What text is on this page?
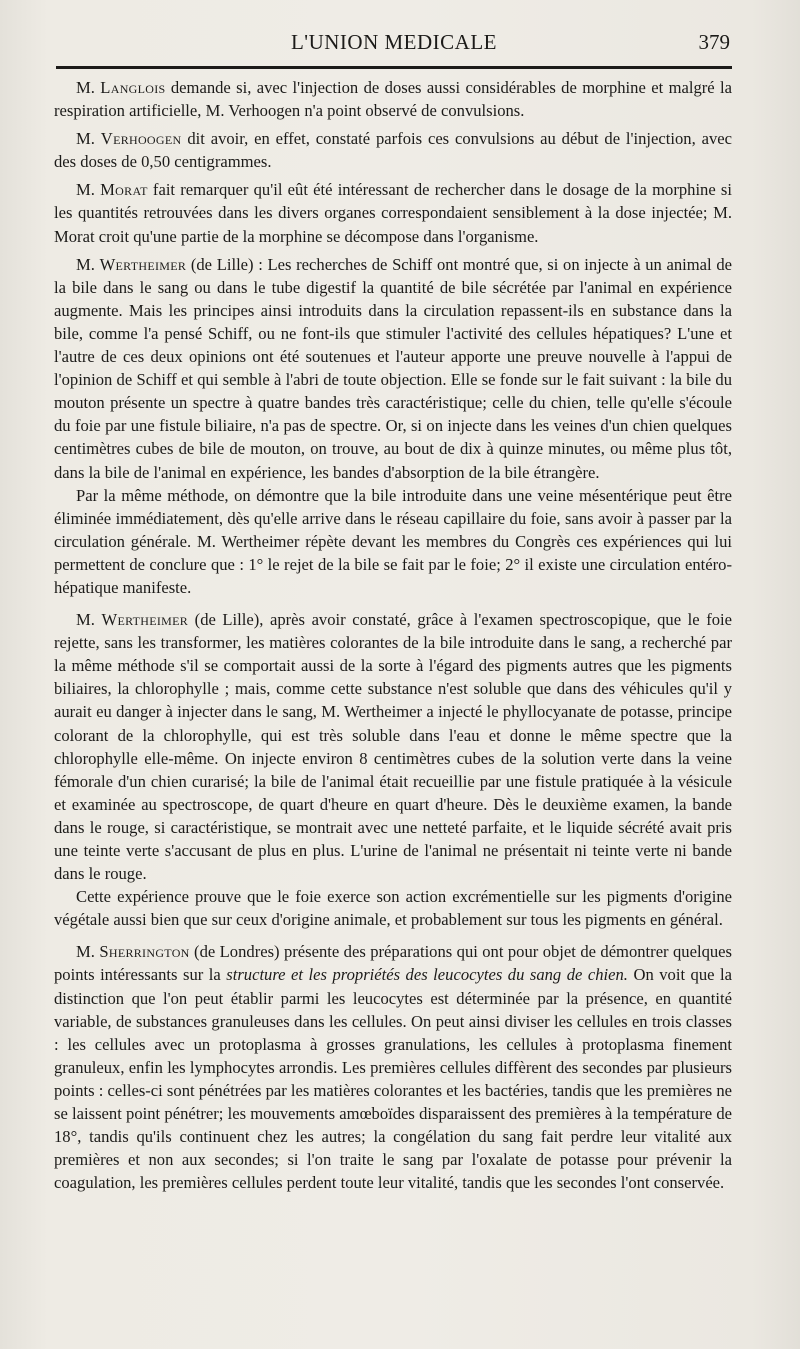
L'UNION MEDICALE	379

M. Langlois demande si, avec l'injection de doses aussi considérables de morphine et malgré la respiration artificielle, M. Verhoogen n'a point observé de convulsions.

M. Verhoogen dit avoir, en effet, constaté parfois ces convulsions au début de l'injection, avec des doses de 0,50 centigrammes.

M. Morat fait remarquer qu'il eût été intéressant de rechercher dans le dosage de la morphine si les quantités retrouvées dans les divers organes correspondaient sensiblement à la dose injectée; M. Morat croit qu'une partie de la morphine se décompose dans l'organisme.

M. Wertheimer (de Lille) : Les recherches de Schiff ont montré que, si on injecte à un animal de la bile dans le sang ou dans le tube digestif la quantité de bile sécrétée par l'animal en expérience augmente. Mais les principes ainsi introduits dans la circulation repassent-ils en substance dans la bile, comme l'a pensé Schiff, ou ne font-ils que stimuler l'activité des cellules hépatiques? L'une et l'autre de ces deux opinions ont été soutenues et l'auteur apporte une preuve nouvelle à l'appui de l'opinion de Schiff et qui semble à l'abri de toute objection. Elle se fonde sur le fait suivant : la bile du mouton présente un spectre à quatre bandes très caractéristique; celle du chien, telle qu'elle s'écoule du foie par une fistule biliaire, n'a pas de spectre. Or, si on injecte dans les veines d'un chien quelques centimètres cubes de bile de mouton, on trouve, au bout de dix à quinze minutes, ou même plus tôt, dans la bile de l'animal en expérience, les bandes d'absorption de la bile étrangère.

Par la même méthode, on démontre que la bile introduite dans une veine mésentérique peut être éliminée immédiatement, dès qu'elle arrive dans le réseau capillaire du foie, sans avoir à passer par la circulation générale. M. Wertheimer répète devant les membres du Congrès ces expériences qui lui permettent de conclure que : 1° le rejet de la bile se fait par le foie; 2° il existe une circulation entéro-hépatique manifeste.

M. Wertheimer (de Lille), après avoir constaté, grâce à l'examen spectroscopique, que le foie rejette, sans les transformer, les matières colorantes de la bile introduite dans le sang, a recherché par la même méthode s'il se comportait aussi de la sorte à l'égard des pigments autres que les pigments biliaires, la chlorophylle ; mais, comme cette substance n'est soluble que dans des véhicules qu'il y aurait eu danger à injecter dans le sang, M. Wertheimer a injecté le phyllocyanate de potasse, principe colorant de la chlorophylle, qui est très soluble dans l'eau et donne le même spectre que la chlorophylle elle-même. On injecte environ 8 centimètres cubes de la solution verte dans la veine fémorale d'un chien curarisé; la bile de l'animal était recueillie par une fistule pratiquée à la vésicule et examinée au spectroscope, de quart d'heure en quart d'heure. Dès le deuxième examen, la bande dans le rouge, si caractéristique, se montrait avec une netteté parfaite, et le liquide sécrété avait pris une teinte verte s'accusant de plus en plus. L'urine de l'animal ne présentait ni teinte verte ni bande dans le rouge.

Cette expérience prouve que le foie exerce son action excrémentielle sur les pigments d'origine végétale aussi bien que sur ceux d'origine animale, et probablement sur tous les pigments en général.

M. Sherrington (de Londres) présente des préparations qui ont pour objet de démontrer quelques points intéressants sur la structure et les propriétés des leucocytes du sang de chien. On voit que la distinction que l'on peut établir parmi les leucocytes est déterminée par la présence, en quantité variable, de substances granuleuses dans les cellules. On peut ainsi diviser les cellules en trois classes : les cellules avec un protoplasma à grosses granulations, les cellules à protoplasma finement granuleux, enfin les lymphocytes arrondis. Les premières cellules diffèrent des secondes par plusieurs points : celles-ci sont pénétrées par les matières colorantes et les bactéries, tandis que les premières ne se laissent point pénétrer; les mouvements amœboïdes disparaissent des premières à la température de 18°, tandis qu'ils continuent chez les autres; la congélation du sang fait perdre leur vitalité aux premières et non aux secondes; si l'on traite le sang par l'oxalate de potasse pour prévenir la coagulation, les premières cellules perdent toute leur vitalité, tandis que les secondes l'ont conservée.
